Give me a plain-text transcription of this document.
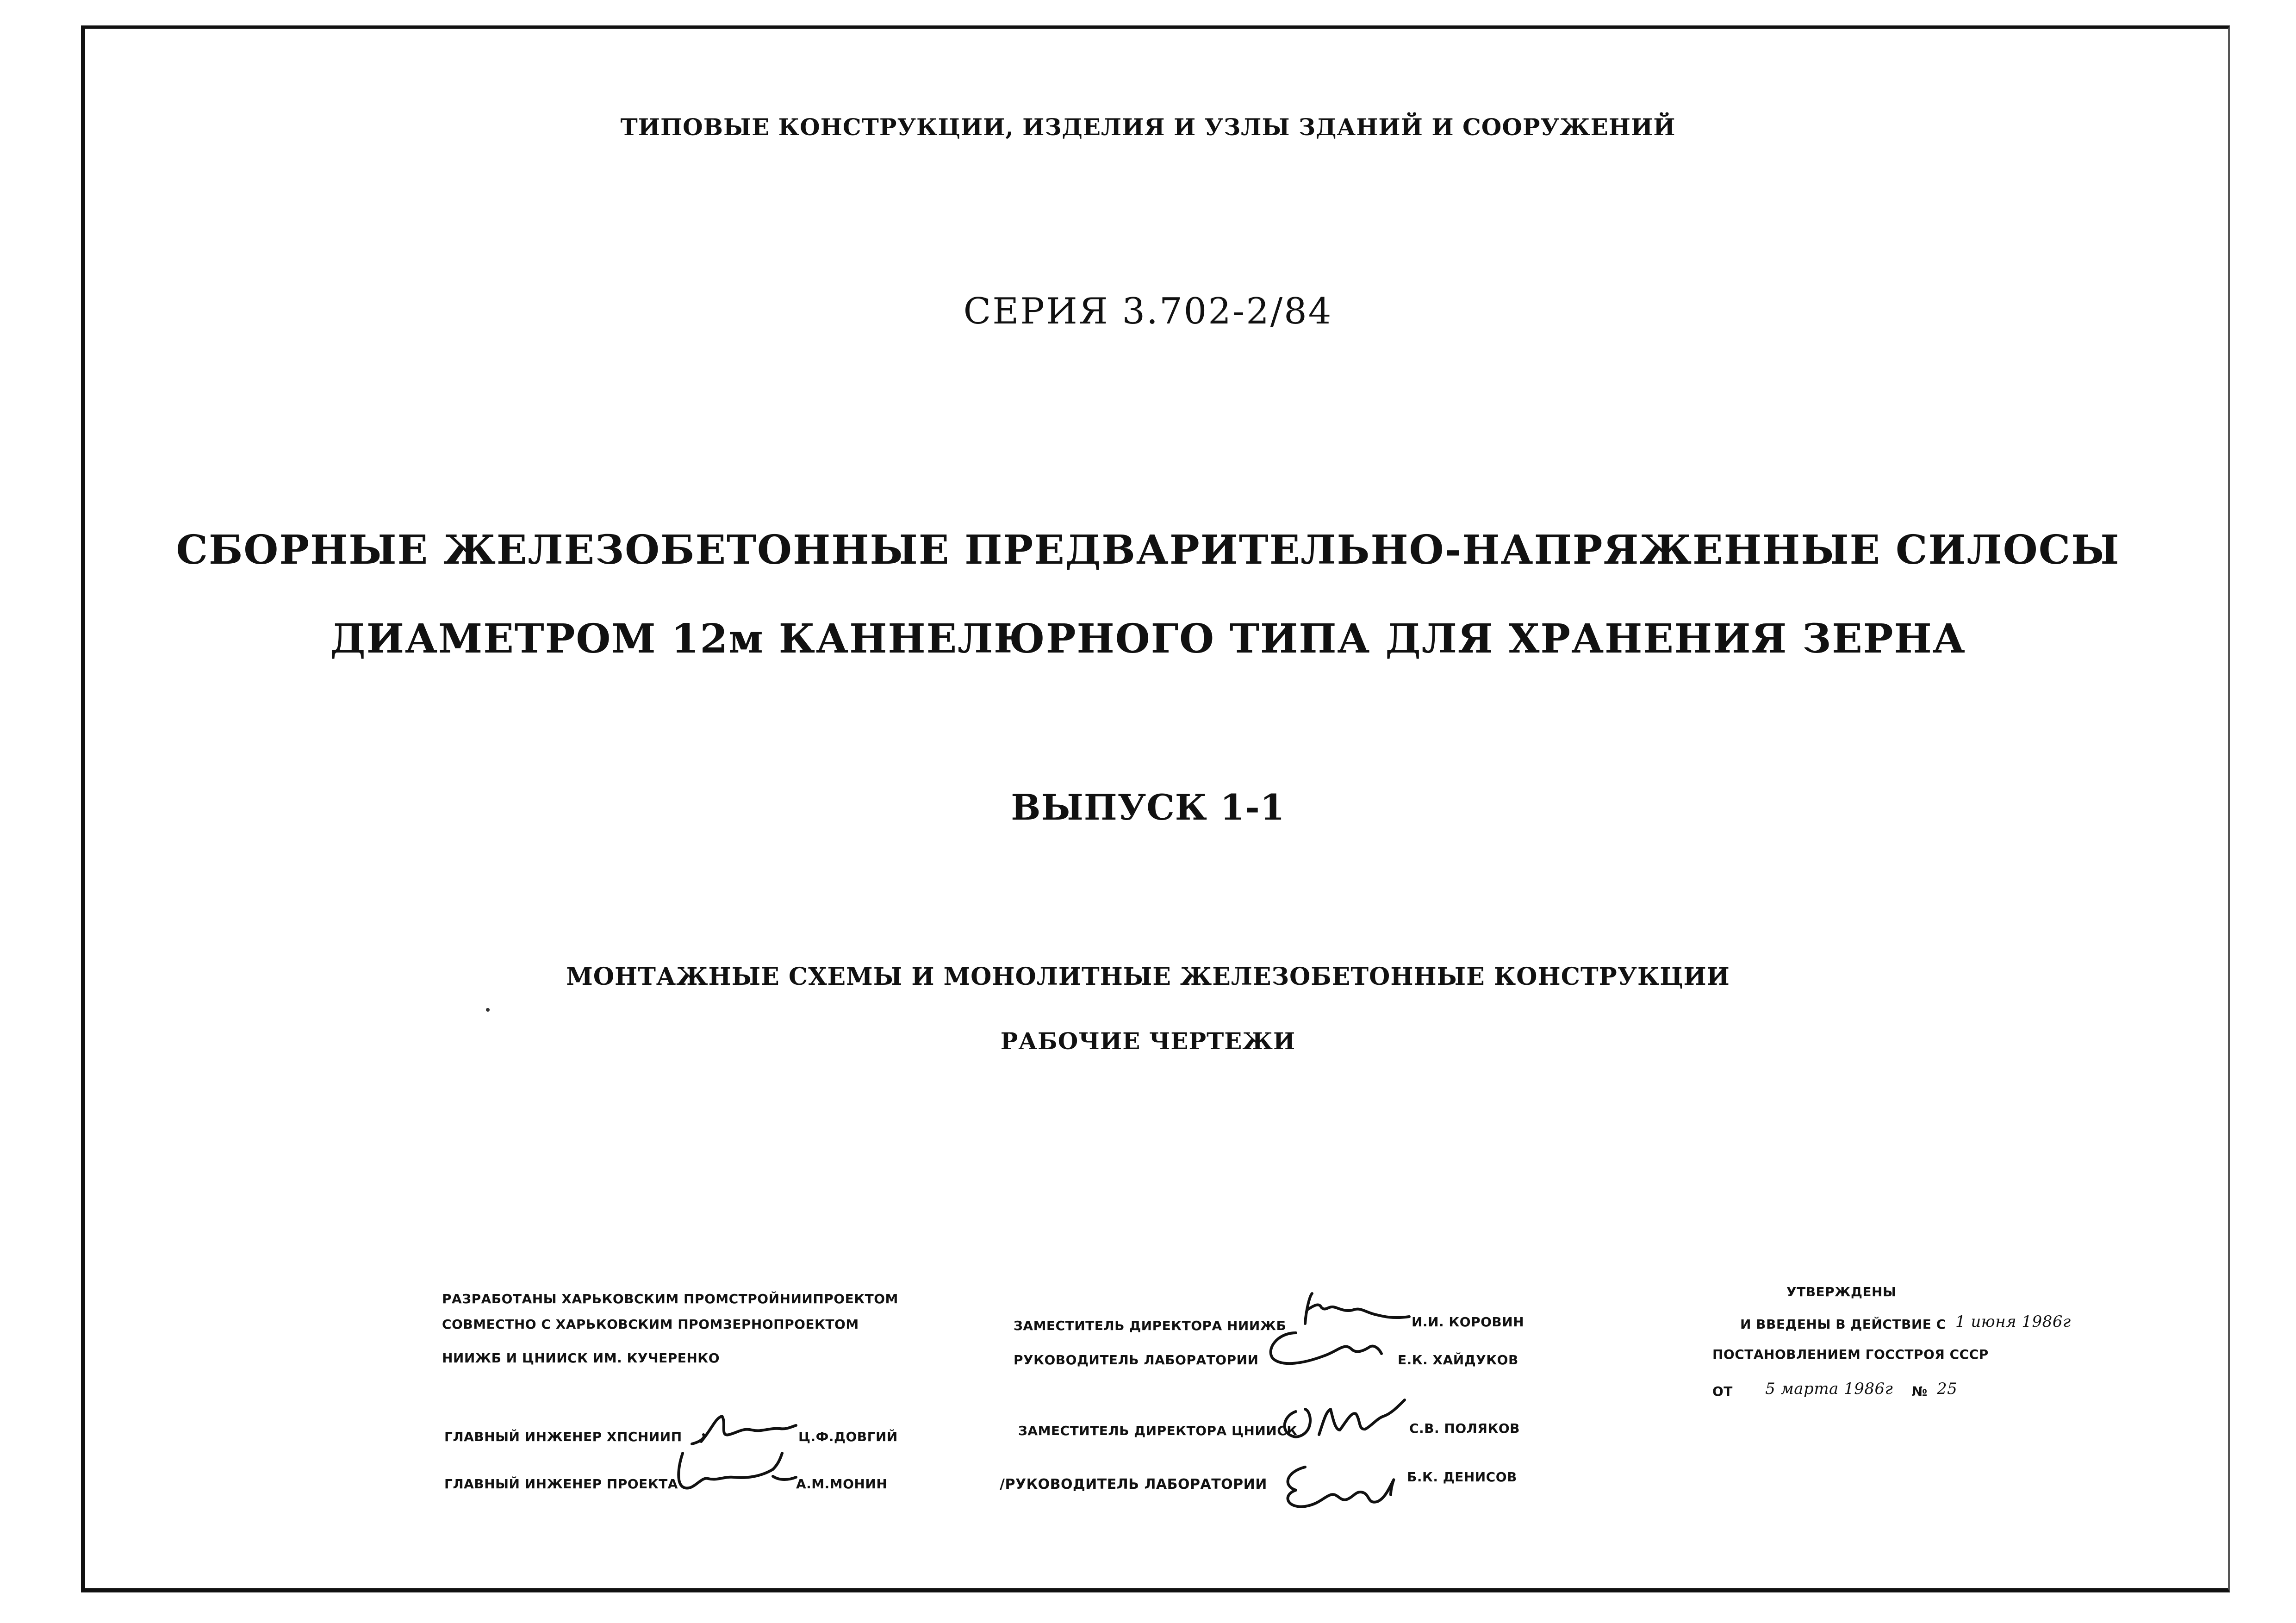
ТИПОВЫЕ КОНСТРУКЦИИ, ИЗДЕЛИЯ И УЗЛЫ ЗДАНИЙ И СООРУЖЕНИЙ
СЕРИЯ 3.702-2/84
СБОРНЫЕ ЖЕЛЕЗОБЕТОННЫЕ ПРЕДВАРИТЕЛЬНО-НАПРЯЖЕННЫЕ СИЛОСЫ
ДИАМЕТРОМ 12м КАННЕЛЮРНОГО ТИПА ДЛЯ ХРАНЕНИЯ ЗЕРНА
ВЫПУСК 1-1
МОНТАЖНЫЕ СХЕМЫ И МОНОЛИТНЫЕ ЖЕЛЕЗОБЕТОННЫЕ КОНСТРУКЦИИ
РАБОЧИЕ ЧЕРТЕЖИ
РАЗРАБОТАНЫ ХАРЬКОВСКИМ ПРОМСТРОЙНИИПРОЕКТОМ
СОВМЕСТНО С ХАРЬКОВСКИМ ПРОМЗЕРНОПРОЕКТОМ
НИИЖБ И ЦНИИСК ИМ. КУЧЕРЕНКО
ГЛАВНЫЙ ИНЖЕНЕР ХПСНИИП	Ц.Ф.ДОВГИЙ
ГЛАВНЫЙ ИНЖЕНЕР ПРОЕКТА	А.М.МОНИН
ЗАМЕСТИТЕЛЬ ДИРЕКТОРА НИИЖБ	И.И. КОРОВИН
РУКОВОДИТЕЛЬ ЛАБОРАТОРИИ	Е.К. ХАЙДУКОВ
ЗАМЕСТИТЕЛЬ ДИРЕКТОРА ЦНИИСК	С.В. ПОЛЯКОВ
/РУКОВОДИТЕЛЬ ЛАБОРАТОРИИ	Б.К. ДЕНИСОВ
УТВЕРЖДЕНЫ
И ВВЕДЕНЫ В ДЕЙСТВИЕ С 1 июня 1986г
ПОСТАНОВЛЕНИЕМ ГОССТРОЯ СССР
ОТ 5 марта 1986г № 25
